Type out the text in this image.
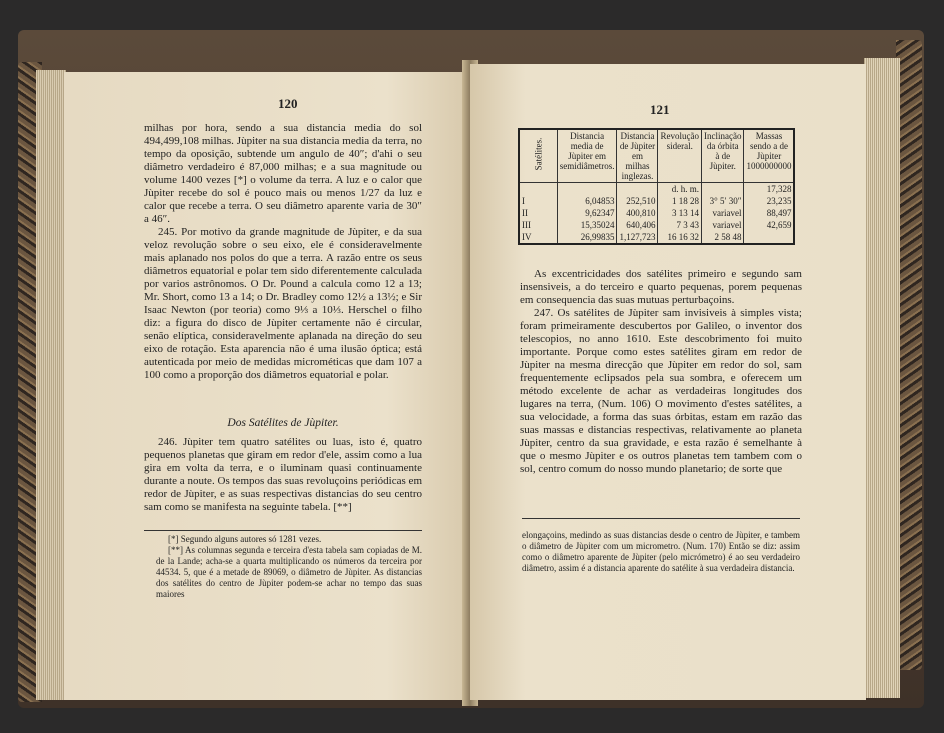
120

milhas por hora, sendo a sua distancia media do sol 494,499,108 milhas. Jùpiter na sua distancia media da terra, no tempo da oposição, subtende um angulo de 40″; d'ahi o seu diâmetro verdadeiro é 87,000 milhas; e a sua magnitude ou volume 1400 vezes [*] o volume da terra. A luz e o calor que Jùpiter recebe do sol é pouco mais ou menos 1/27 da luz e calor que recebe a terra. O seu diâmetro aparente varia de 30″ a 46″.

245. Por motivo da grande magnitude de Jùpiter, e da sua veloz revolução sobre o seu eixo, ele é consideravelmente mais aplanado nos polos do que a terra. A razão entre os seus diâmetros equatorial e polar tem sido diferentemente calculada por varios astrônomos. O Dr. Pound a calcula como 12 a 13; Mr. Short, como 13 a 14; o Dr. Bradley como 12½ a 13½; e Sir Isaac Newton (por teoria) como 9⅓ a 10⅓. Herschel o filho diz: a figura do disco de Jùpiter certamente não é circular, senão elíptica, consideravelmente aplanada na direção do seu eixo de rotação. Esta aparencia não é uma ilusão óptica; está autenticada por meio de medidas microméticas que dam 107 a 100 como a proporção dos diâmetros equatorial e polar.

Dos Satélites de Jùpiter.

246. Jùpiter tem quatro satélites ou luas, isto é, quatro pequenos planetas que giram em redor d'ele, assim como a lua gira em volta da terra, e o iluminam quasi continuamente durante a noute. Os tempos das suas revoluçoins periódicas em redor de Jùpiter, e as suas respectivas distancias do seu centro sam como se manifesta na seguinte tabela. [**]

[*] Segundo alguns autores só 1281 vezes.

[**] As columnas segunda e terceira d'esta tabela sam copiadas de M. de la Lande; acha-se a quarta multiplicando os números da terceira por 44534. 5, que é a metade de 89069, o diâmetro de Jùpiter. As distancias dos satélites do centro de Jùpiter podem-se achar no tempo das suas maiores

121
Satélites.	Distancia media de Jùpiter em semidiâmetros.	Distancia de Jùpiter em milhas inglezas.	Revolução sideral.	Inclinação da órbita à de Jùpiter.	Massas sendo a de Jùpiter 1000000000
			d. h. m.		17,328
I	6,04853	252,510	1 18 28	3° 5′ 30″	23,235
II	9,62347	400,810	3 13 14	variavel	88,497
III	15,35024	640,406	7 3 43	variavel	42,659
IV	26,99835	1,127,723	16 16 32	2 58 48	

As excentricidades dos satélites primeiro e segundo sam insensiveis, a do terceiro e quarto pequenas, porem pequenas em consequencia das suas mutuas perturbaçoins.

247. Os satélites de Jùpiter sam invisiveis à simples vista; foram primeiramente descubertos por Galileo, o inventor dos telescopios, no anno 1610. Este descobrimento foi muito importante. Porque como estes satélites giram em redor de Jùpiter na mesma direcção que Jùpiter em redor do sol, sam frequentemente eclipsados pela sua sombra, e oferecem um método excelente de achar as verdadeiras longitudes dos lugares na terra, (Num. 106) O movimento d'estes satélites, a sua velocidade, a forma das suas órbitas, estam em razão das suas massas e distancias respectivas, relativamente ao planeta Jùpiter, centro da sua gravidade, e esta razão é semelhante à que o mesmo Jùpiter e os outros planetas tem tambem com o sol, centro comum do nosso mundo planetario; de sorte que

elongaçoins, medindo as suas distancias desde o centro de Jùpiter, e tambem o diâmetro de Jùpiter com um micrometro. (Num. 170) Então se diz: assim como o diâmetro aparente de Jùpiter (pelo micrómetro) é ao seu verdadeiro diâmetro, assim é a distancia aparente do satélite à sua verdadeira distancia.
